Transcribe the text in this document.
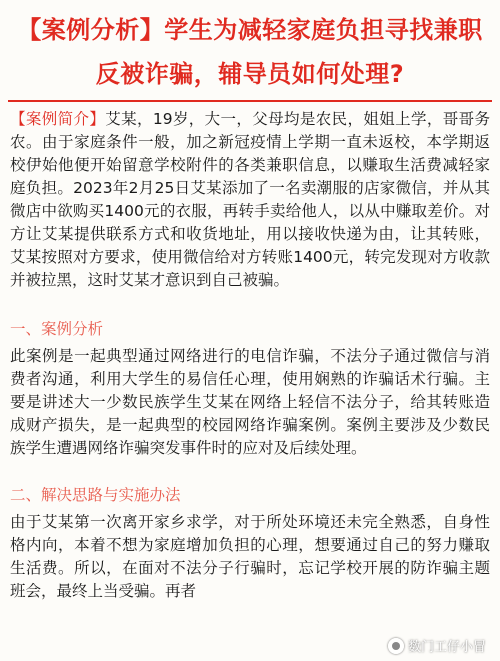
【案例分析】学生为减轻家庭负担寻找兼职
反被诈骗，辅导员如何处理?

【案例简介】艾某，19岁，大一，父母均是农民，姐姐上学，哥哥务农。由于家庭条件一般，加之新冠疫情上学期一直未返校，本学期返校伊始他便开始留意学校附件的各类兼职信息，以赚取生活费减轻家庭负担。2023年2月25日艾某添加了一名卖潮服的店家微信，并从其微店中欲购买1400元的衣服，再转手卖给他人，以从中赚取差价。对方让艾某提供联系方式和收货地址，用以接收快递为由，让其转账，艾某按照对方要求，使用微信给对方转账1400元，转完发现对方收款并被拉黑，这时艾某才意识到自己被骗。

一、案例分析

此案例是一起典型通过网络进行的电信诈骗，不法分子通过微信与消费者沟通，利用大学生的易信任心理，使用娴熟的诈骗话术行骗。主要是讲述大一少数民族学生艾某在网络上轻信不法分子，给其转账造成财产损失，是一起典型的校园网络诈骗案例。案例主要涉及少数民族学生遭遇网络诈骗突发事件时的应对及后续处理。

二、解决思路与实施办法

由于艾某第一次离开家乡求学，对于所处环境还未完全熟悉，自身性格内向，本着不想为家庭增加负担的心理，想要通过自己的努力赚取生活费。所以，在面对不法分子行骗时，忘记学校开展的防诈骗主题班会，最终上当受骗。再者

数门工仔小冒
